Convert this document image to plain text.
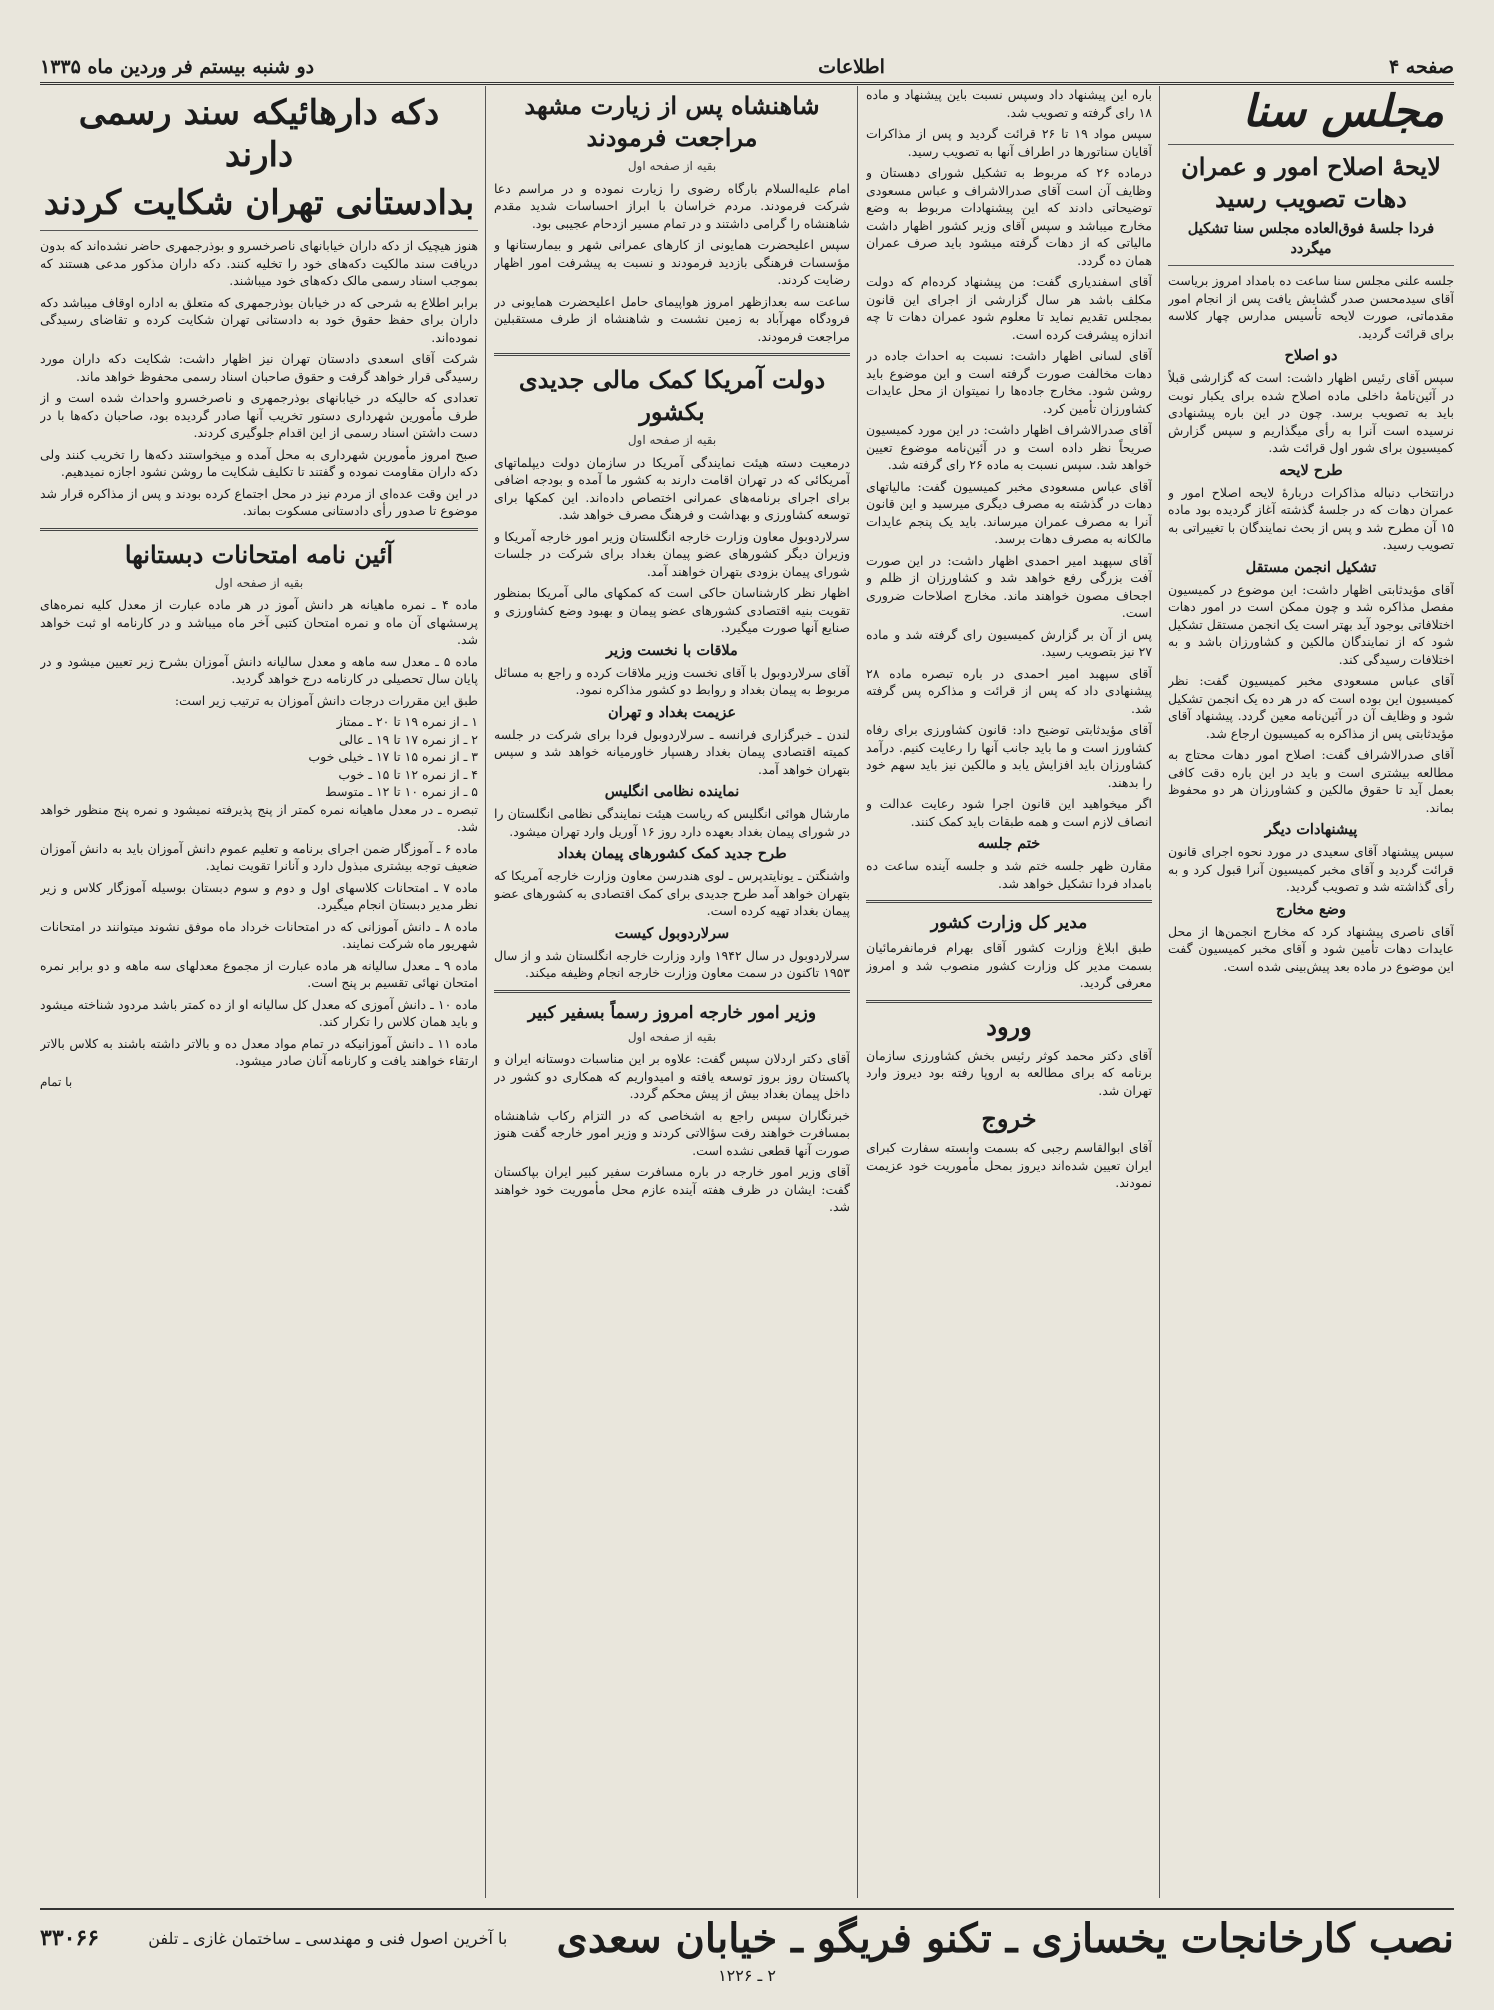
صفحه ۴
اطلاعات
دو شنبه بیستم فر وردین ماه ۱۳۳۵
مجلس سنا
لایحهٔ اصلاح امور و عمران دهات تصویب رسید
فردا جلسهٔ فوق‌العاده مجلس سنا تشکیل میگردد

جلسه علنی مجلس سنا ساعت ده بامداد امروز بریاست آقای سیدمحسن صدر گشایش یافت پس از انجام امور مقدماتی، صورت لایحه تأسیس مدارس چهار کلاسه برای قرائت گردید.

دو اصلاح

سپس آقای رئیس اظهار داشت: است که گزارشی قبلاً در آئین‌نامهٔ داخلی ماده اصلاح شده برای یکبار نوبت باید به تصویب برسد. چون در این باره پیشنهادی نرسیده است آنرا به رأی میگذاریم و سپس گزارش کمیسیون برای شور اول قرائت شد.

طرح لایحه

درانتخاب دنباله مذاکرات دربارهٔ لایحه اصلاح امور و عمران دهات که در جلسهٔ گذشته آغاز گردیده بود ماده ۱۵ آن مطرح شد و پس از بحث نمایندگان با تغییراتی به تصویب رسید.

تشکیل انجمن مستقل

آقای مؤیدثابتی اظهار داشت: این موضوع در کمیسیون مفصل مذاکره شد و چون ممکن است در امور دهات اختلافاتی بوجود آید بهتر است یک انجمن مستقل تشکیل شود که از نمایندگان مالکین و کشاورزان باشد و به اختلافات رسیدگی کند.

آقای عباس مسعودی مخبر کمیسیون گفت: نظر کمیسیون این بوده است که در هر ده یک انجمن تشکیل شود و وظایف آن در آئین‌نامه معین گردد. پیشنهاد آقای مؤیدثابتی پس از مذاکره به کمیسیون ارجاع شد.

آقای صدرالاشراف گفت: اصلاح امور دهات محتاج به مطالعه بیشتری است و باید در این باره دقت کافی بعمل آید تا حقوق مالکین و کشاورزان هر دو محفوظ بماند.

پیشنهادات دیگر

سپس پیشنهاد آقای سعیدی در مورد نحوه اجرای قانون قرائت گردید و آقای مخبر کمیسیون آنرا قبول کرد و به رأی گذاشته شد و تصویب گردید.

وضع مخارج

آقای ناصری پیشنهاد کرد که مخارج انجمن‌ها از محل عایدات دهات تأمین شود و آقای مخبر کمیسیون گفت این موضوع در ماده بعد پیش‌بینی شده است.

باره این پیشنهاد داد وسپس نسبت باین پیشنهاد و ماده ۱۸ رای گرفته و تصویب شد.

سپس مواد ۱۹ تا ۲۶ قرائت گردید و پس از مذاکرات آقایان سناتورها در اطراف آنها به تصویب رسید.

درماده ۲۶ که مربوط به تشکیل شورای دهستان و وظایف آن است آقای صدرالاشراف و عباس مسعودی توضیحاتی دادند که این پیشنهادات مربوط به وضع مخارج میباشد و سپس آقای وزیر کشور اظهار داشت مالیاتی که از دهات گرفته میشود باید صرف عمران همان ده گردد.

آقای اسفندیاری گفت: من پیشنهاد کرده‌ام که دولت مکلف باشد هر سال گزارشی از اجرای این قانون بمجلس تقدیم نماید تا معلوم شود عمران دهات تا چه اندازه پیشرفت کرده است.

آقای لسانی اظهار داشت: نسبت به احداث جاده در دهات مخالفت صورت گرفته است و این موضوع باید روشن شود. مخارج جاده‌ها را نمیتوان از محل عایدات کشاورزان تأمین کرد.

آقای صدرالاشراف اظهار داشت: در این مورد کمیسیون صریحاً نظر داده است و در آئین‌نامه موضوع تعیین خواهد شد. سپس نسبت به ماده ۲۶ رای گرفته شد.

آقای عباس مسعودی مخبر کمیسیون گفت: مالیاتهای دهات در گذشته به مصرف دیگری میرسید و این قانون آنرا به مصرف عمران میرساند. باید یک پنجم عایدات مالکانه به مصرف دهات برسد.

آقای سپهبد امیر احمدی اظهار داشت: در این صورت آفت بزرگی رفع خواهد شد و کشاورزان از ظلم و اجحاف مصون خواهند ماند. مخارج اصلاحات ضروری است.

پس از آن بر گزارش کمیسیون رای گرفته شد و ماده ۲۷ نیز بتصویب رسید.

آقای سپهبد امیر احمدی در باره تبصره ماده ۲۸ پیشنهادی داد که پس از قرائت و مذاکره پس گرفته شد.

آقای مؤیدثابتی توضیح داد: قانون کشاورزی برای رفاه کشاورز است و ما باید جانب آنها را رعایت کنیم. درآمد کشاورزان باید افزایش یابد و مالکین نیز باید سهم خود را بدهند.

اگر میخواهید این قانون اجرا شود رعایت عدالت و انصاف لازم است و همه طبقات باید کمک کنند.

ختم جلسه

مقارن ظهر جلسه ختم شد و جلسه آینده ساعت ده بامداد فردا تشکیل خواهد شد.

مدیر کل وزارت کشور

طبق ابلاغ وزارت کشور آقای بهرام فرمانفرمائیان بسمت مدیر کل وزارت کشور منصوب شد و امروز معرفی گردید.

ورود

آقای دکتر محمد کوثر رئیس بخش کشاورزی سازمان برنامه که برای مطالعه به اروپا رفته بود دیروز وارد تهران شد.

خروج

آقای ابوالقاسم رجبی که بسمت وابسته سفارت کبرای ایران تعیین شده‌اند دیروز بمحل مأموریت خود عزیمت نمودند.

شاهنشاه پس از زیارت مشهد مراجعت فرمودند
بقیه از صفحه اول

امام علیه‌السلام بارگاه رضوی را زیارت نموده و در مراسم دعا شرکت فرمودند. مردم خراسان با ابراز احساسات شدید مقدم شاهنشاه را گرامی داشتند و در تمام مسیر ازدحام عجیبی بود.

سپس اعلیحضرت همایونی از کارهای عمرانی شهر و بیمارستانها و مؤسسات فرهنگی بازدید فرمودند و نسبت به پیشرفت امور اظهار رضایت کردند.

ساعت سه بعدازظهر امروز هواپیمای حامل اعلیحضرت همایونی در فرودگاه مهرآباد به زمین نشست و شاهنشاه از طرف مستقبلین مراجعت فرمودند.

دولت آمریکا کمک مالی جدیدی بکشور
بقیه از صفحه اول

درمعیت دسته هیئت نمایندگی آمریکا در سازمان دولت دیپلماتهای آمریکائی که در تهران اقامت دارند به کشور ما آمده و بودجه اضافی برای اجرای برنامه‌های عمرانی اختصاص داده‌اند. این کمکها برای توسعه کشاورزی و بهداشت و فرهنگ مصرف خواهد شد.

سرلاردوبول معاون وزارت خارجه انگلستان وزیر امور خارجه آمریکا و وزیران دیگر کشورهای عضو پیمان بغداد برای شرکت در جلسات شورای پیمان بزودی بتهران خواهند آمد.

اظهار نظر کارشناسان حاکی است که کمکهای مالی آمریکا بمنظور تقویت بنیه اقتصادی کشورهای عضو پیمان و بهبود وضع کشاورزی و صنایع آنها صورت میگیرد.

ملاقات با نخست وزیر

آقای سرلاردوبول با آقای نخست وزیر ملاقات کرده و راجع به مسائل مربوط به پیمان بغداد و روابط دو کشور مذاکره نمود.

عزیمت بغداد و تهران

لندن ـ خبرگزاری فرانسه ـ سرلاردوبول فردا برای شرکت در جلسه کمیته اقتصادی پیمان بغداد رهسپار خاورمیانه خواهد شد و سپس بتهران خواهد آمد.

نماینده نظامی انگلیس

مارشال هوائی انگلیس که ریاست هیئت نمایندگی نظامی انگلستان را در شورای پیمان بغداد بعهده دارد روز ۱۶ آوریل وارد تهران میشود.

طرح جدید کمک کشورهای پیمان بغداد

واشنگتن ـ یونایتدپرس ـ لوی هندرسن معاون وزارت خارجه آمریکا که بتهران خواهد آمد طرح جدیدی برای کمک اقتصادی به کشورهای عضو پیمان بغداد تهیه کرده است.

سرلاردوبول کیست

سرلاردوبول در سال ۱۹۴۲ وارد وزارت خارجه انگلستان شد و از سال ۱۹۵۳ تاکنون در سمت معاون وزارت خارجه انجام وظیفه میکند.

وزیر امور خارجه امروز رسماً بسفیر کبیر
بقیه از صفحه اول

آقای دکتر اردلان سپس گفت: علاوه بر این مناسبات دوستانه ایران و پاکستان روز بروز توسعه یافته و امیدواریم که همکاری دو کشور در داخل پیمان بغداد بیش از پیش محکم گردد.

خبرنگاران سپس راجع به اشخاصی که در التزام رکاب شاهنشاه بمسافرت خواهند رفت سؤالاتی کردند و وزیر امور خارجه گفت هنوز صورت آنها قطعی نشده است.

آقای وزیر امور خارجه در باره مسافرت سفیر کبیر ایران بپاکستان گفت: ایشان در ظرف هفته آینده عازم محل مأموریت خود خواهند شد.

دکه دارهائیکه سند رسمی دارند
بدادستانی تهران شکایت کردند

هنوز هیچیک از دکه داران خیابانهای ناصرخسرو و بوذرجمهری حاضر نشده‌اند که بدون دریافت سند مالکیت دکه‌های خود را تخلیه کنند. دکه داران مذکور مدعی هستند که بموجب اسناد رسمی مالک دکه‌های خود میباشند.

برابر اطلاع به شرحی که در خیابان بوذرجمهری که متعلق به اداره اوقاف میباشد دکه داران برای حفظ حقوق خود به دادستانی تهران شکایت کرده و تقاضای رسیدگی نموده‌اند.

شرکت آقای اسعدی دادستان تهران نیز اظهار داشت: شکایت دکه داران مورد رسیدگی قرار خواهد گرفت و حقوق صاحبان اسناد رسمی محفوظ خواهد ماند.

تعدادی که حالیکه در خیابانهای بوذرجمهری و ناصرخسرو واحداث شده است و از طرف مأمورین شهرداری دستور تخریب آنها صادر گردیده بود، صاحبان دکه‌ها با در دست داشتن اسناد رسمی از این اقدام جلوگیری کردند.

صبح امروز مأمورین شهرداری به محل آمده و میخواستند دکه‌ها را تخریب کنند ولی دکه داران مقاومت نموده و گفتند تا تکلیف شکایت ما روشن نشود اجازه نمیدهیم.

در این وقت عده‌ای از مردم نیز در محل اجتماع کرده بودند و پس از مذاکره قرار شد موضوع تا صدور رأی دادستانی مسکوت بماند.

آئین نامه امتحانات دبستانها
بقیه از صفحه اول

ماده ۴ ـ نمره ماهیانه هر دانش آموز در هر ماده عبارت از معدل کلیه نمره‌های پرسشهای آن ماه و نمره امتحان کتبی آخر ماه میباشد و در کارنامه او ثبت خواهد شد.

ماده ۵ ـ معدل سه ماهه و معدل سالیانه دانش آموزان بشرح زیر تعیین میشود و در پایان سال تحصیلی در کارنامه درج خواهد گردید.

طبق این مقررات درجات دانش آموزان به ترتیب زیر است:

۱ ـ از نمره ۱۹ تا ۲۰ ـ ممتاز
۲ ـ از نمره ۱۷ تا ۱۹ ـ عالی
۳ ـ از نمره ۱۵ تا ۱۷ ـ خیلی خوب
۴ ـ از نمره ۱۲ تا ۱۵ ـ خوب
۵ ـ از نمره ۱۰ تا ۱۲ ـ متوسط

تبصره ـ در معدل ماهیانه نمره کمتر از پنج پذیرفته نمیشود و نمره پنج منظور خواهد شد.

ماده ۶ ـ آموزگار ضمن اجرای برنامه و تعلیم عموم دانش آموزان باید به دانش آموزان ضعیف توجه بیشتری مبذول دارد و آنانرا تقویت نماید.

ماده ۷ ـ امتحانات کلاسهای اول و دوم و سوم دبستان بوسیله آموزگار کلاس و زیر نظر مدیر دبستان انجام میگیرد.

ماده ۸ ـ دانش آموزانی که در امتحانات خرداد ماه موفق نشوند میتوانند در امتحانات شهریور ماه شرکت نمایند.

ماده ۹ ـ معدل سالیانه هر ماده عبارت از مجموع معدلهای سه ماهه و دو برابر نمره امتحان نهائی تقسیم بر پنج است.

ماده ۱۰ ـ دانش آموزی که معدل کل سالیانه او از ده کمتر باشد مردود شناخته میشود و باید همان کلاس را تکرار کند.

ماده ۱۱ ـ دانش آموزانیکه در تمام مواد معدل ده و بالاتر داشته باشند به کلاس بالاتر ارتقاء خواهند یافت و کارنامه آنان صادر میشود.

با تمام
نصب کارخانجات یخسازی ـ تکنو فریگو ـ خیابان سعدی
با آخرین اصول فنی و مهندسی ـ ساختمان غازی ـ تلفن
۳۳۰۶۶
۲ ـ ۱۲۲۶
